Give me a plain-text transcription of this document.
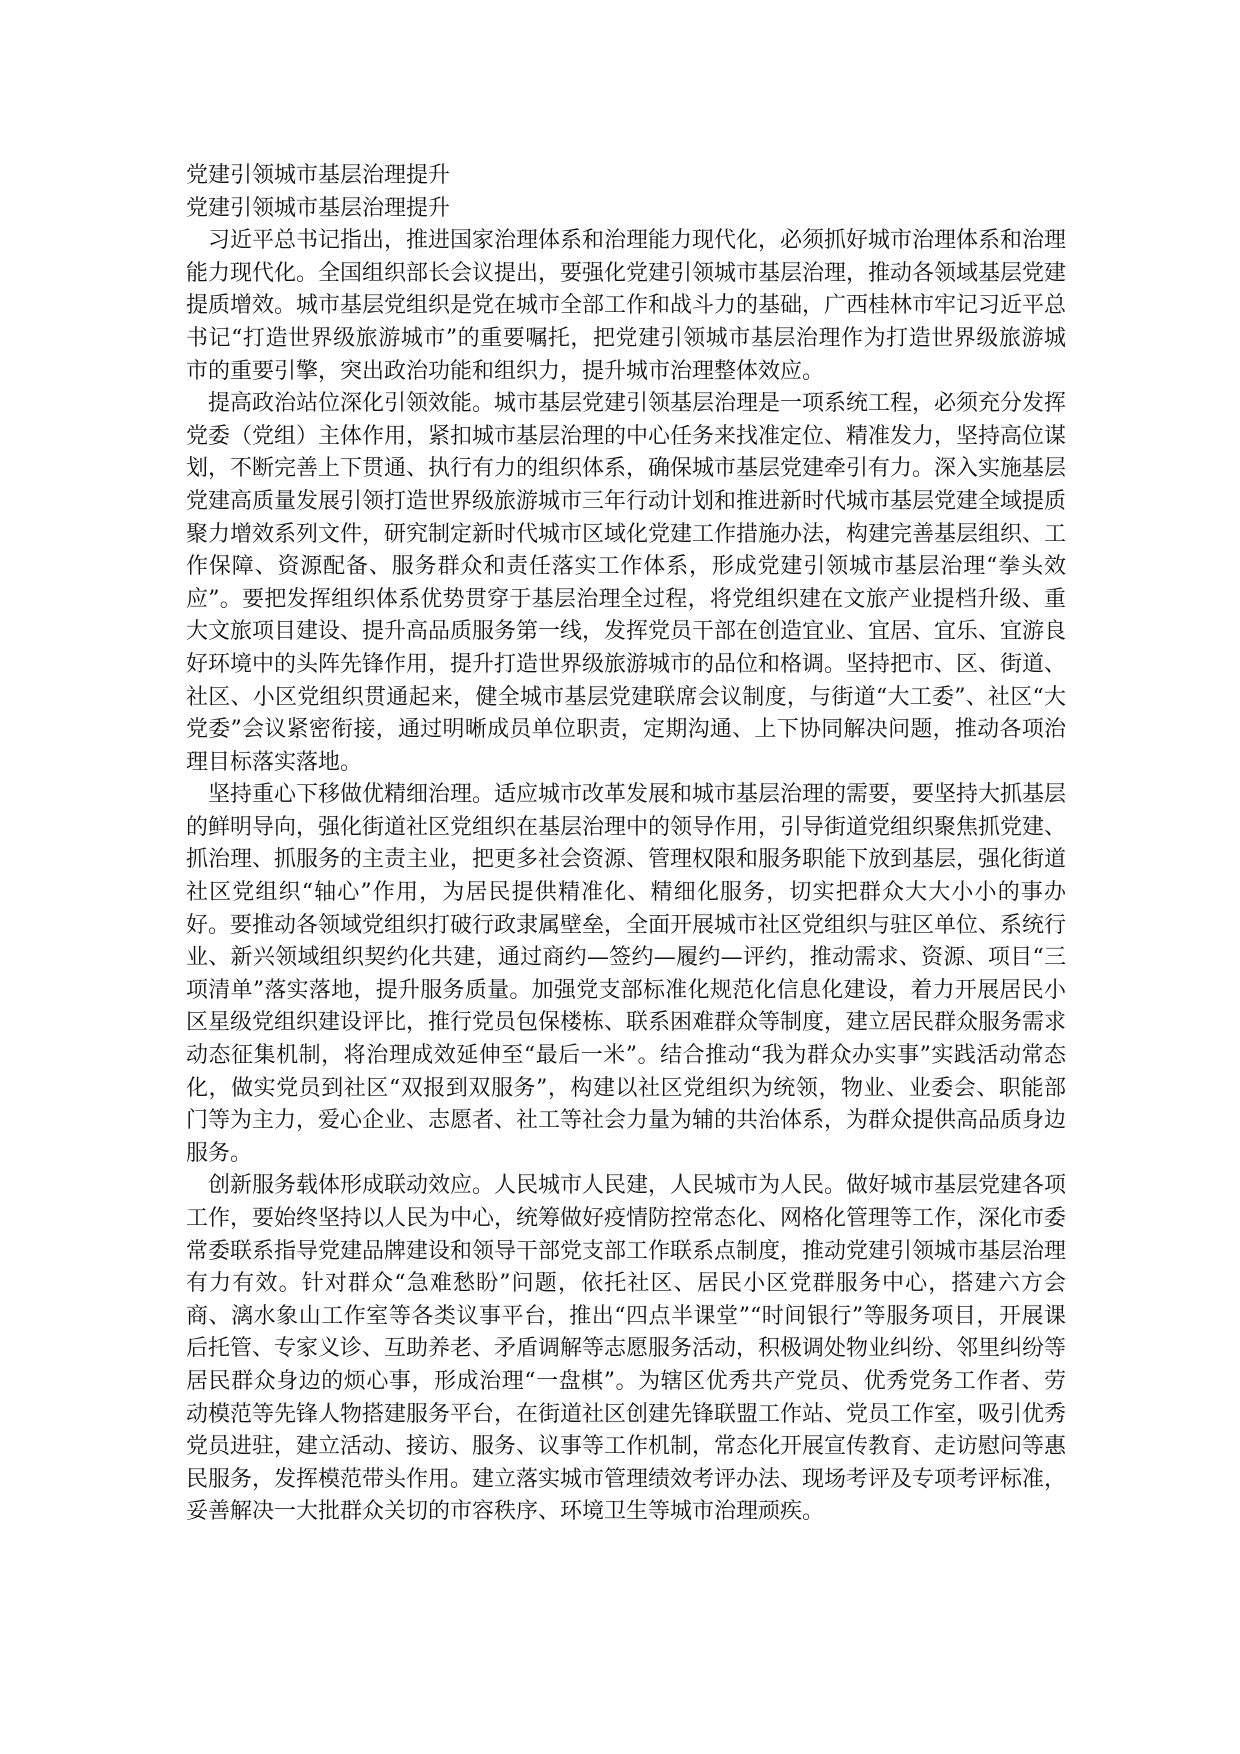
党建引领城市基层治理提升

党建引领城市基层治理提升

习近平总书记指出，推进国家治理体系和治理能力现代化，必须抓好城市治理体系和治理能力现代化。全国组织部长会议提出，要强化党建引领城市基层治理，推动各领域基层党建提质增效。城市基层党组织是党在城市全部工作和战斗力的基础，广西桂林市牢记习近平总书记“打造世界级旅游城市”的重要嘱托，把党建引领城市基层治理作为打造世界级旅游城市的重要引擎，突出政治功能和组织力，提升城市治理整体效应。

提高政治站位深化引领效能。城市基层党建引领基层治理是一项系统工程，必须充分发挥党委（党组）主体作用，紧扣城市基层治理的中心任务来找准定位、精准发力，坚持高位谋划，不断完善上下贯通、执行有力的组织体系，确保城市基层党建牵引有力。深入实施基层党建高质量发展引领打造世界级旅游城市三年行动计划和推进新时代城市基层党建全域提质聚力增效系列文件，研究制定新时代城市区域化党建工作措施办法，构建完善基层组织、工作保障、资源配备、服务群众和责任落实工作体系，形成党建引领城市基层治理“拳头效应”。要把发挥组织体系优势贯穿于基层治理全过程，将党组织建在文旅产业提档升级、重大文旅项目建设、提升高品质服务第一线，发挥党员干部在创造宜业、宜居、宜乐、宜游良好环境中的头阵先锋作用，提升打造世界级旅游城市的品位和格调。坚持把市、区、街道、社区、小区党组织贯通起来，健全城市基层党建联席会议制度，与街道“大工委”、社区“大党委”会议紧密衔接，通过明晰成员单位职责，定期沟通、上下协同解决问题，推动各项治理目标落实落地。

坚持重心下移做优精细治理。适应城市改革发展和城市基层治理的需要，要坚持大抓基层的鲜明导向，强化街道社区党组织在基层治理中的领导作用，引导街道党组织聚焦抓党建、抓治理、抓服务的主责主业，把更多社会资源、管理权限和服务职能下放到基层，强化街道社区党组织“轴心”作用，为居民提供精准化、精细化服务，切实把群众大大小小的事办好。要推动各领域党组织打破行政隶属壁垒，全面开展城市社区党组织与驻区单位、系统行业、新兴领域组织契约化共建，通过商约—签约—履约—评约，推动需求、资源、项目“三项清单”落实落地，提升服务质量。加强党支部标准化规范化信息化建设，着力开展居民小区星级党组织建设评比，推行党员包保楼栋、联系困难群众等制度，建立居民群众服务需求动态征集机制，将治理成效延伸至“最后一米”。结合推动“我为群众办实事”实践活动常态化，做实党员到社区“双报到双服务”，构建以社区党组织为统领，物业、业委会、职能部门等为主力，爱心企业、志愿者、社工等社会力量为辅的共治体系，为群众提供高品质身边服务。

创新服务载体形成联动效应。人民城市人民建，人民城市为人民。做好城市基层党建各项工作，要始终坚持以人民为中心，统筹做好疫情防控常态化、网格化管理等工作，深化市委常委联系指导党建品牌建设和领导干部党支部工作联系点制度，推动党建引领城市基层治理有力有效。针对群众“急难愁盼”问题，依托社区、居民小区党群服务中心，搭建六方会商、漓水象山工作室等各类议事平台，推出“四点半课堂”“时间银行”等服务项目，开展课后托管、专家义诊、互助养老、矛盾调解等志愿服务活动，积极调处物业纠纷、邻里纠纷等居民群众身边的烦心事，形成治理“一盘棋”。为辖区优秀共产党员、优秀党务工作者、劳动模范等先锋人物搭建服务平台，在街道社区创建先锋联盟工作站、党员工作室，吸引优秀党员进驻，建立活动、接访、服务、议事等工作机制，常态化开展宣传教育、走访慰问等惠民服务，发挥模范带头作用。建立落实城市管理绩效考评办法、现场考评及专项考评标准，妥善解决一大批群众关切的市容秩序、环境卫生等城市治理顽疾。
